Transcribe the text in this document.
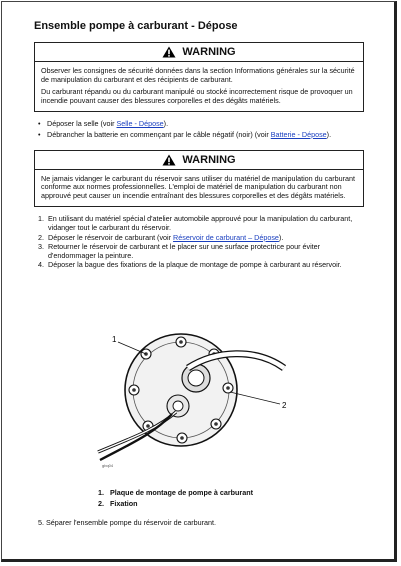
Ensemble pompe à carburant - Dépose
WARNING

Observer les consignes de sécurité données dans la section Informations générales sur la sécurité de manipulation du carburant et des récipients de carburant.

Du carburant répandu ou du carburant manipulé ou stocké incorrectement risque de provoquer un incendie pouvant causer des blessures corporelles et des dégâts matériels.

• Déposer la selle (voir Selle - Dépose).
• Débrancher la batterie en commençant par le câble négatif (noir) (voir Batterie - Dépose).
WARNING

Ne jamais vidanger le carburant du réservoir sans utiliser du matériel de manipulation du carburant conforme aux normes professionnelles. L'emploi de matériel de manipulation du carburant non approuvé peut causer un incendie entraînant des blessures corporelles et des dégâts matériels.

1. En utilisant du matériel spécial d'atelier automobile approuvé pour la manipulation du carburant, vidanger tout le carburant du réservoir.
2. Déposer le réservoir de carburant (voir Réservoir de carburant – Dépose).
3. Retourner le réservoir de carburant et le placer sur une surface protectrice pour éviter d'endommager la peinture.
4. Déposer la bague des fixations de la plaque de montage de pompe à carburant au réservoir.
1
2
gbq04
1. Plaque de montage de pompe à carburant
2. Fixation
5. Séparer l'ensemble pompe du réservoir de carburant.
